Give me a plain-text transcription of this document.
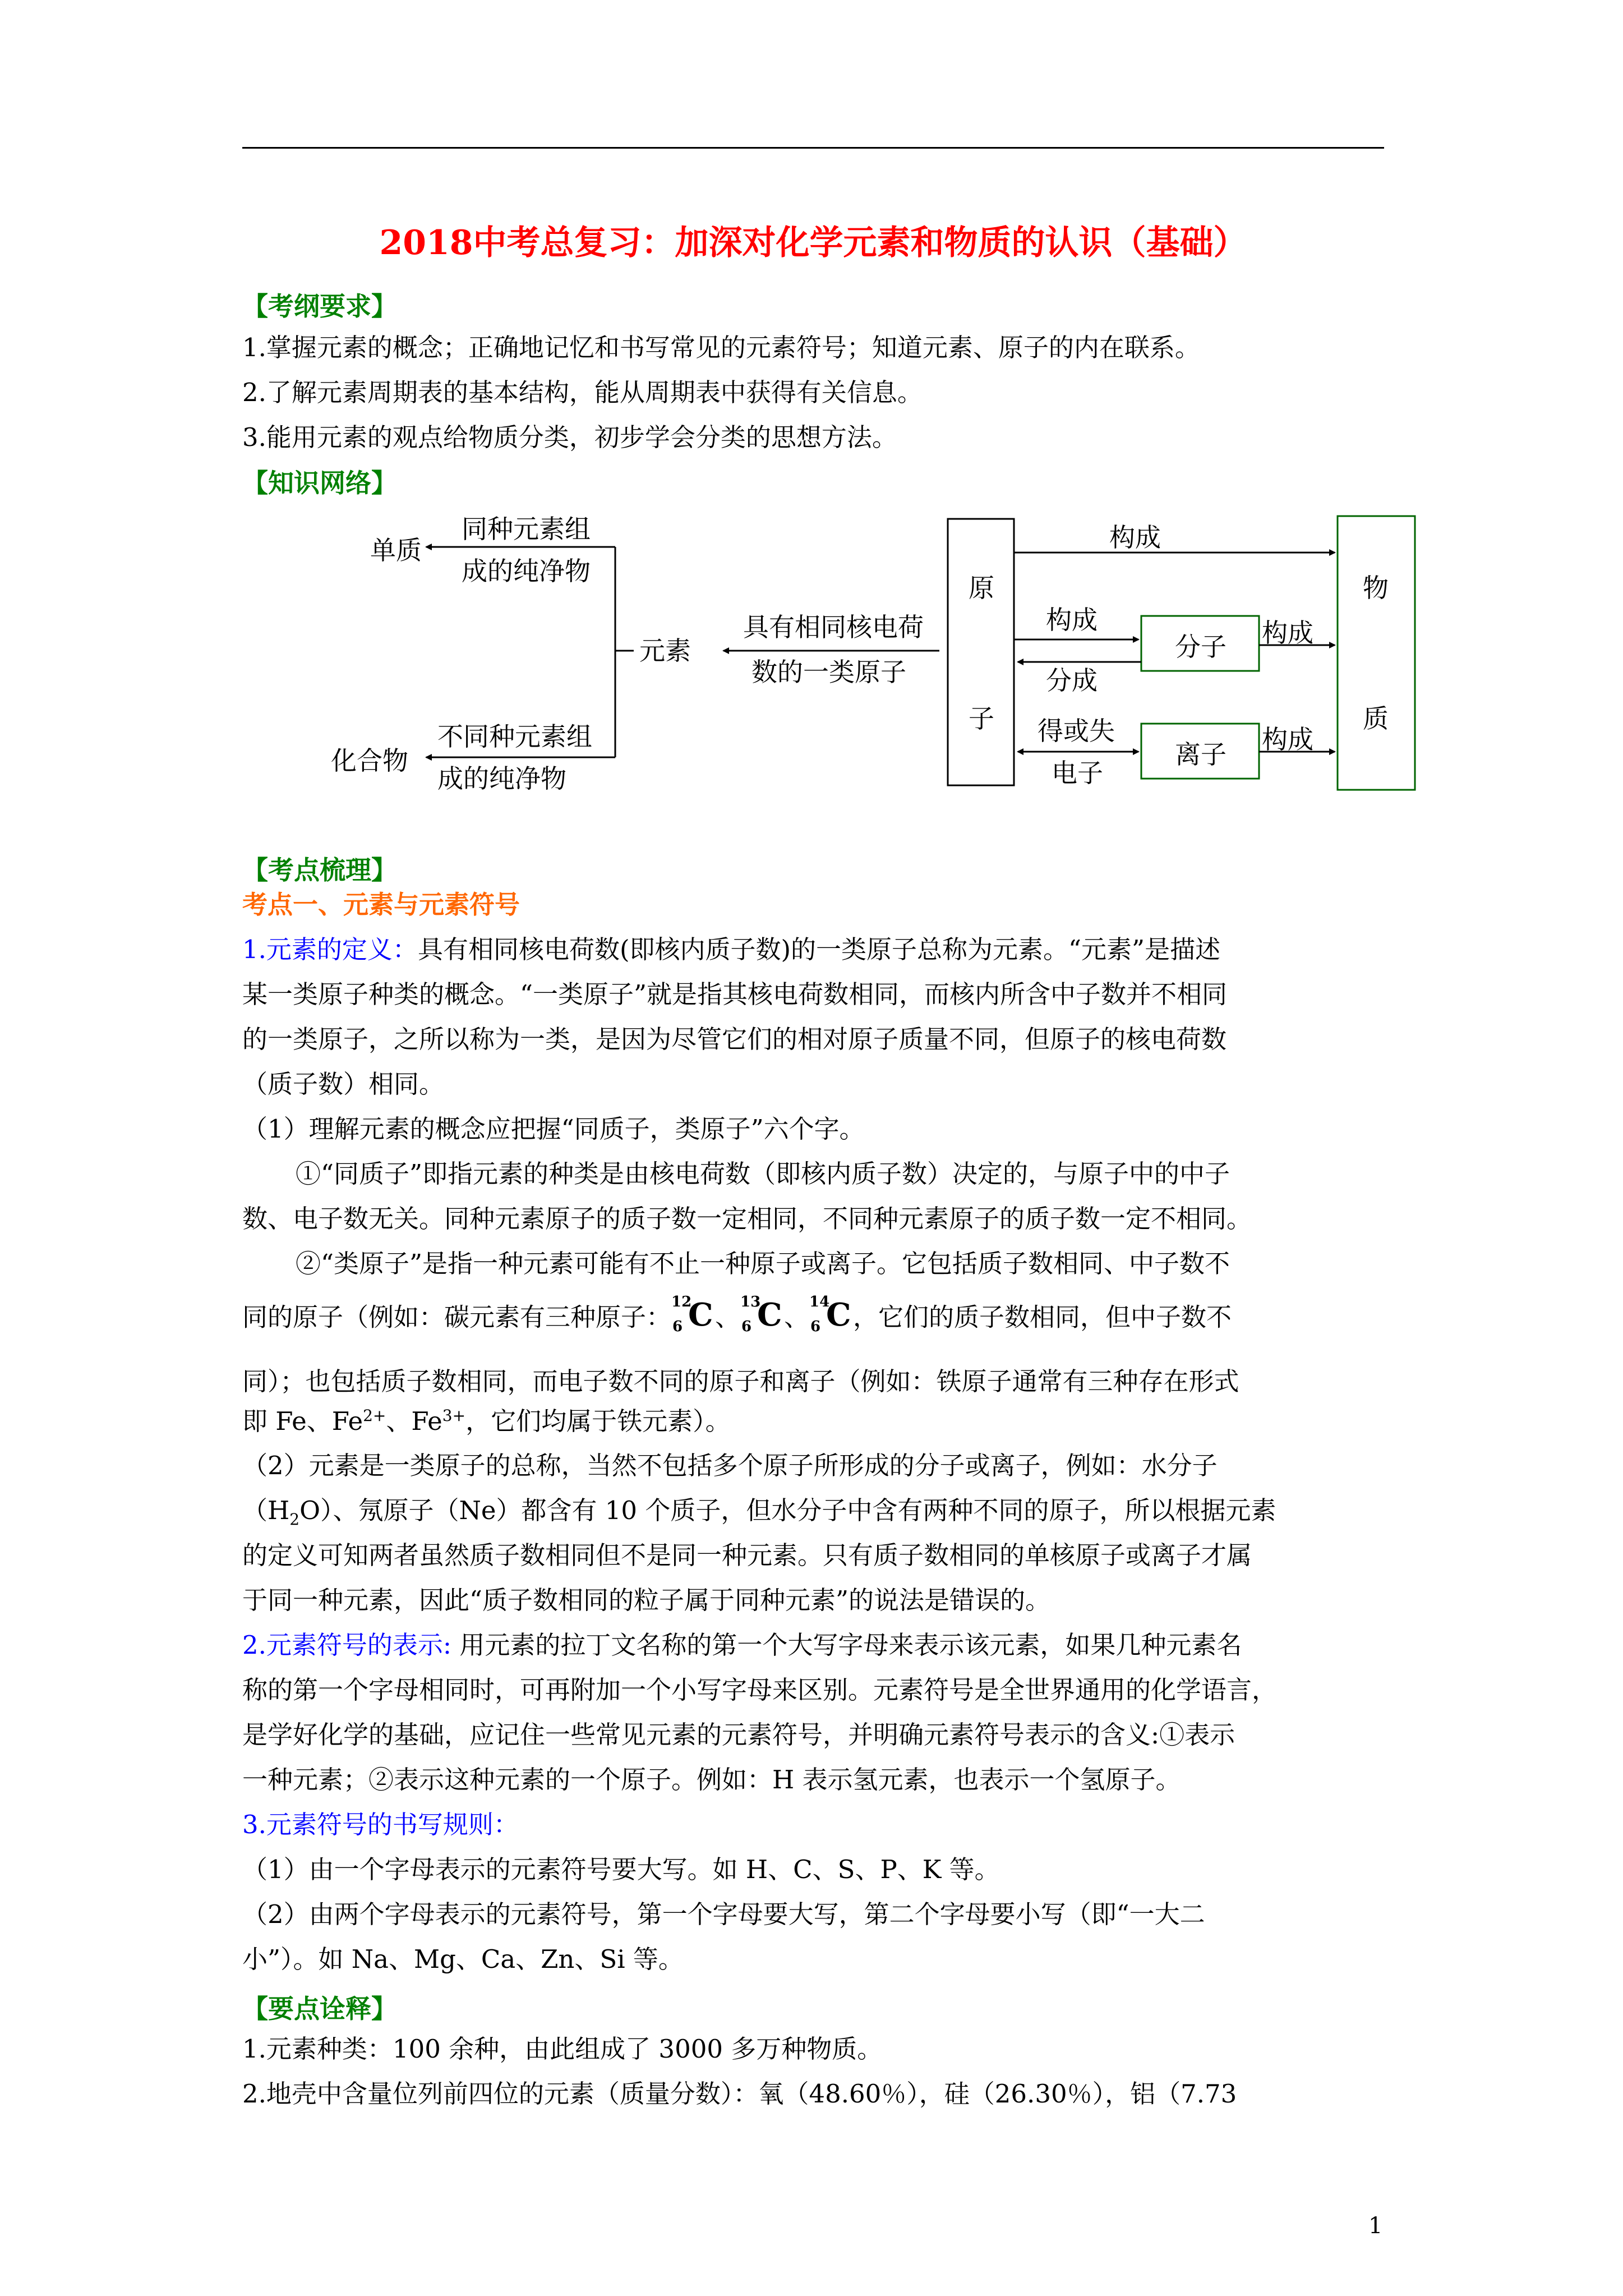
2018中考总复习：加深对化学元素和物质的认识（基础）
【考纲要求】
1.掌握元素的概念；正确地记忆和书写常见的元素符号；知道元素、原子的内在联系。
2.了解元素周期表的基本结构，能从周期表中获得有关信息。
3.能用元素的观点给物质分类，初步学会分类的思想方法。
【知识网络】
单质
同种元素组
成的纯净物
化合物
不同种元素组
成的纯净物
元素
具有相同核电荷
数的一类原子
原
子
物
质
构成
构成
分成
分子 构成
得或失
电子
离子 构成
【考点梳理】
考点一、元素与元素符号
1.元素的定义：具有相同核电荷数(即核内质子数)的一类原子总称为元素。“元素”是描述
某一类原子种类的概念。“一类原子”就是指其核电荷数相同，而核内所含中子数并不相同
的一类原子，之所以称为一类，是因为尽管它们的相对原子质量不同，但原子的核电荷数
（质子数）相同。
（1）理解元素的概念应把握“同质子，类原子”六个字。
①“同质子”即指元素的种类是由核电荷数（即核内质子数）决定的，与原子中的中子
数、电子数无关。同种元素原子的质子数一定相同，不同种元素原子的质子数一定不相同。
②“类原子”是指一种元素可能有不止一种原子或离子。它包括质子数相同、中子数不
同的原子（例如：碳元素有三种原子：
12
6 C 、
13
6 C 、
14
6 C ，它们的质子数相同，但中子数不
同）；也包括质子数相同，而电子数不同的原子和离子（例如：铁原子通常有三种存在形式
即 Fe、$Fe^{2+}$、$Fe^{3+}$，它们均属于铁元素）。
（2）元素是一类原子的总称，当然不包括多个原子所形成的分子或离子，例如：水分子
$(H_2O)$、氖原子（Ne）都含有 10 个质子，但水分子中含有两种不同的原子，所以根据元素
的定义可知两者虽然质子数相同但不是同一种元素。只有质子数相同的单核原子或离子才属
于同一种元素，因此“质子数相同的粒子属于同种元素”的说法是错误的。
2.元素符号的表示: 用元素的拉丁文名称的第一个大写字母来表示该元素，如果几种元素名
称的第一个字母相同时，可再附加一个小写字母来区别。元素符号是全世界通用的化学语言，
是学好化学的基础，应记住一些常见元素的元素符号，并明确元素符号表示的含义:①表示
一种元素；②表示这种元素的一个原子。例如：H 表示氢元素，也表示一个氢原子。
3.元素符号的书写规则：
（1）由一个字母表示的元素符号要大写。如 H、C、S、P、K 等。
（2）由两个字母表示的元素符号，第一个字母要大写，第二个字母要小写（即“一大二
小”）。如 Na、Mg、Ca、Zn、Si 等。
【要点诠释】
1.元素种类：100 余种，由此组成了 3000 多万种物质。
2.地壳中含量位列前四位的元素（质量分数）：氧（48.60％），硅（26.30％），铝（7.73
1
